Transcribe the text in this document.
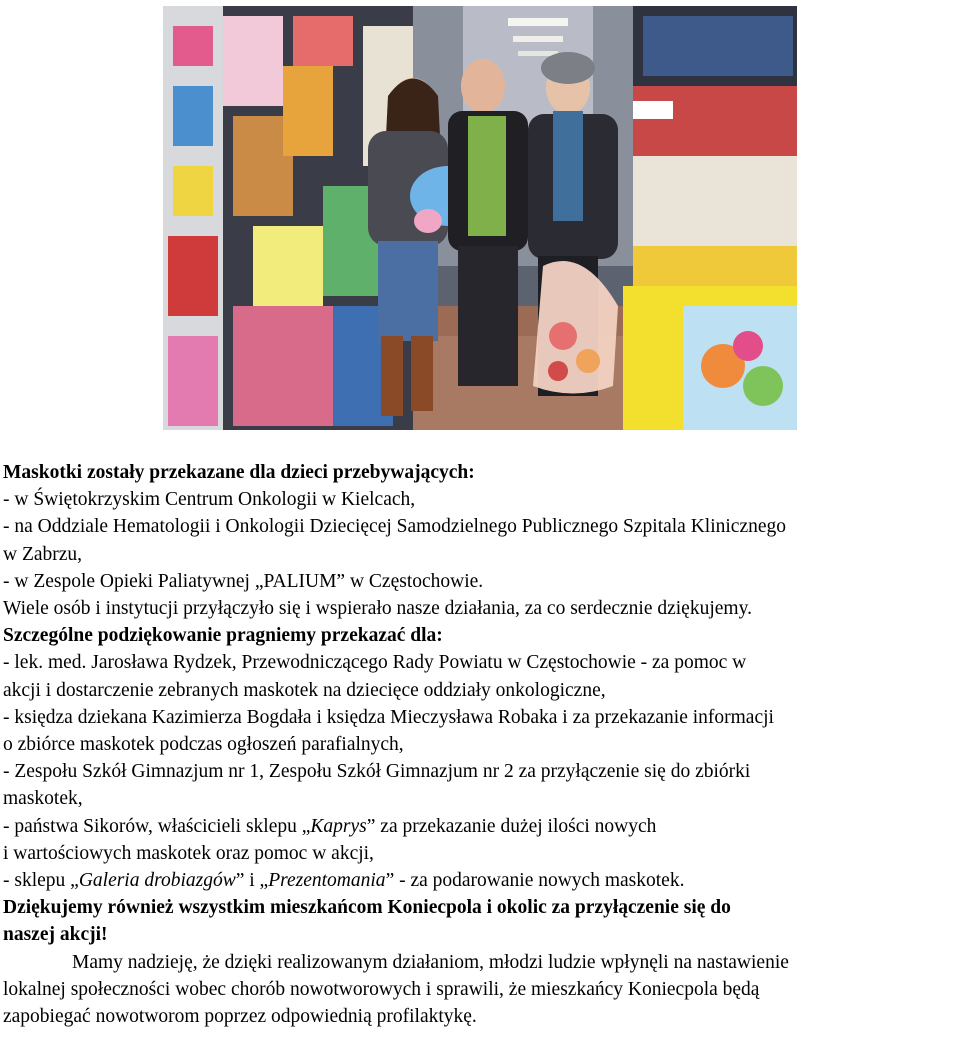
Maskotki zostały przekazane dla dzieci przebywających:

- w Świętokrzyskim Centrum Onkologii w Kielcach,

- na Oddziale Hematologii i Onkologii Dziecięcej Samodzielnego Publicznego Szpitala Klinicznego

w Zabrzu,

- w Zespole Opieki Paliatywnej „PALIUM” w Częstochowie.

Wiele osób i instytucji przyłączyło się i wspierało nasze działania, za co serdecznie dziękujemy.

Szczególne podziękowanie pragniemy przekazać dla:

- lek. med. Jarosława Rydzek, Przewodniczącego Rady Powiatu w Częstochowie - za pomoc w

akcji i dostarczenie zebranych maskotek na dziecięce oddziały onkologiczne,

- księdza dziekana Kazimierza Bogdała i księdza Mieczysława Robaka i za przekazanie informacji

o zbiórce maskotek podczas ogłoszeń parafialnych,

- Zespołu Szkół Gimnazjum nr 1, Zespołu Szkół Gimnazjum nr 2 za przyłączenie się do zbiórki

maskotek,

- państwa Sikorów, właścicieli sklepu „Kaprys” za przekazanie dużej ilości nowych

i wartościowych maskotek oraz pomoc w akcji,

- sklepu „Galeria drobiazgów” i „Prezentomania” - za podarowanie nowych maskotek.

Dziękujemy również wszystkim mieszkańcom Koniecpola i okolic za przyłączenie się do

naszej akcji!

Mamy nadzieję, że dzięki realizowanym działaniom, młodzi ludzie wpłynęli na nastawienie

lokalnej społeczności wobec chorób nowotworowych i sprawili, że mieszkańcy Koniecpola będą

zapobiegać nowotworom poprzez odpowiednią profilaktykę.
